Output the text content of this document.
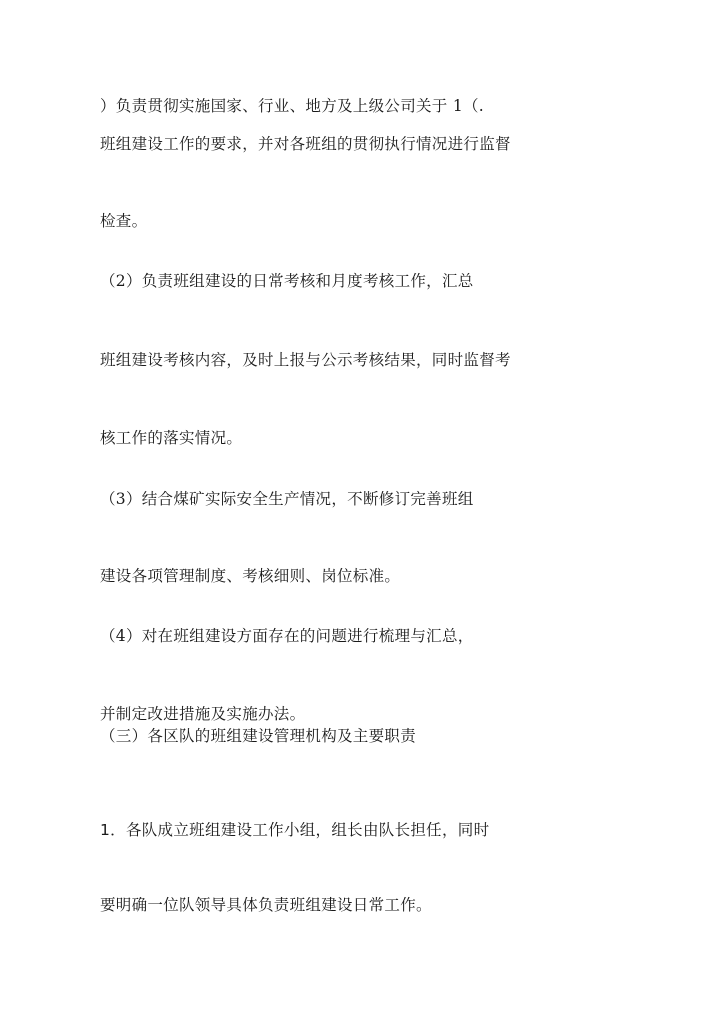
）负责贯彻实施国家、行业、地方及上级公司关于 1（.
班组建设工作的要求，并对各班组的贯彻执行情况进行监督
检查。
（2）负责班组建设的日常考核和月度考核工作，汇总
班组建设考核内容，及时上报与公示考核结果，同时监督考
核工作的落实情况。
（3）结合煤矿实际安全生产情况，不断修订完善班组
建设各项管理制度、考核细则、岗位标准。
（4）对在班组建设方面存在的问题进行梳理与汇总，
并制定改进措施及实施办法。
（三）各区队的班组建设管理机构及主要职责
1．各队成立班组建设工作小组，组长由队长担任，同时
要明确一位队领导具体负责班组建设日常工作。
